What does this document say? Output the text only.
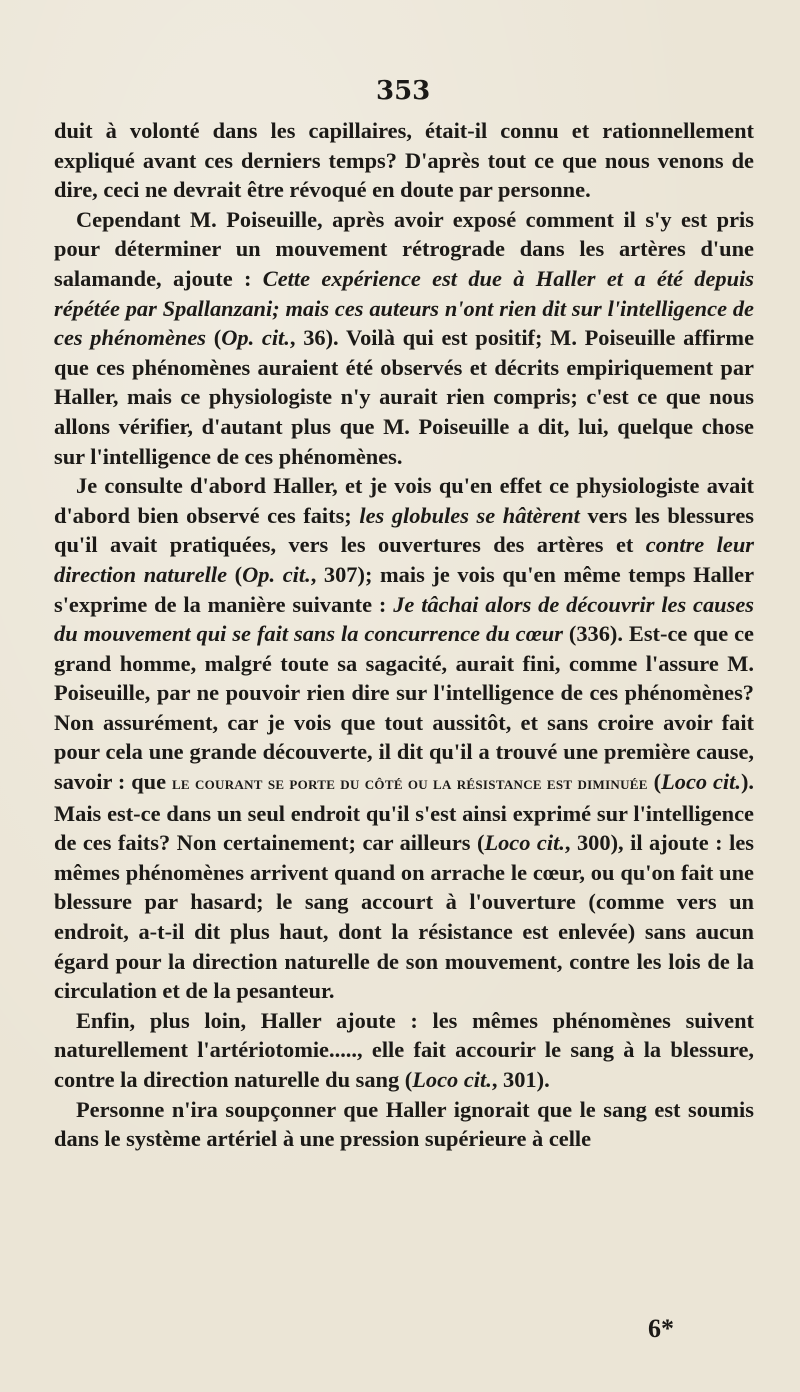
353

duit à volonté dans les capillaires, était-il connu et rationnellement expliqué avant ces derniers temps? D'après tout ce que nous venons de dire, ceci ne devrait être révoqué en doute par personne.

Cependant M. Poiseuille, après avoir exposé comment il s'y est pris pour déterminer un mouvement rétrograde dans les artères d'une salamande, ajoute : Cette expérience est due à Haller et a été depuis répétée par Spallanzani; mais ces auteurs n'ont rien dit sur l'intelligence de ces phénomènes (Op. cit., 36). Voilà qui est positif; M. Poiseuille affirme que ces phénomènes auraient été observés et décrits empiriquement par Haller, mais ce physiologiste n'y aurait rien compris; c'est ce que nous allons vérifier, d'autant plus que M. Poiseuille a dit, lui, quelque chose sur l'intelligence de ces phénomènes.

Je consulte d'abord Haller, et je vois qu'en effet ce physiologiste avait d'abord bien observé ces faits; les globules se hâtèrent vers les blessures qu'il avait pratiquées, vers les ouvertures des artères et contre leur direction naturelle (Op. cit., 307); mais je vois qu'en même temps Haller s'exprime de la manière suivante : Je tâchai alors de découvrir les causes du mouvement qui se fait sans la concurrence du cœur (336). Est-ce que ce grand homme, malgré toute sa sagacité, aurait fini, comme l'assure M. Poiseuille, par ne pouvoir rien dire sur l'intelligence de ces phénomènes? Non assurément, car je vois que tout aussitôt, et sans croire avoir fait pour cela une grande découverte, il dit qu'il a trouvé une première cause, savoir : que le courant se porte du côté ou la résistance est diminuée (Loco cit.). Mais est-ce dans un seul endroit qu'il s'est ainsi exprimé sur l'intelligence de ces faits? Non certainement; car ailleurs (Loco cit., 300), il ajoute : les mêmes phénomènes arrivent quand on arrache le cœur, ou qu'on fait une blessure par hasard; le sang accourt à l'ouverture (comme vers un endroit, a-t-il dit plus haut, dont la résistance est enlevée) sans aucun égard pour la direction naturelle de son mouvement, contre les lois de la circulation et de la pesanteur.

Enfin, plus loin, Haller ajoute : les mêmes phénomènes suivent naturellement l'artériotomie....., elle fait accourir le sang à la blessure, contre la direction naturelle du sang (Loco cit., 301).

Personne n'ira soupçonner que Haller ignorait que le sang est soumis dans le système artériel à une pression supérieure à celle

6*
